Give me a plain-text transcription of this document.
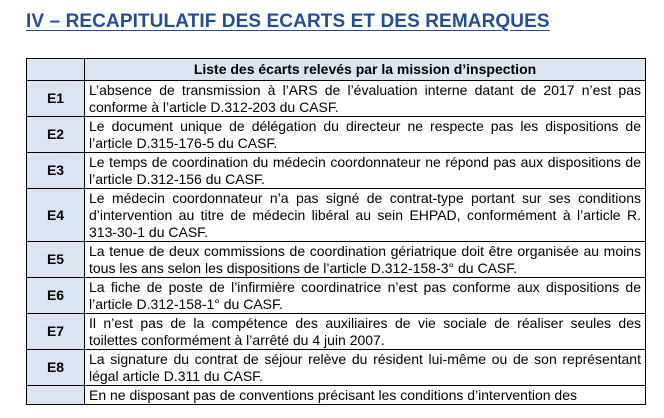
IV – RECAPITULATIF DES ECARTS ET DES REMARQUES
	Liste des écarts relevés par la mission d’inspection
E1	L’absence de transmission à l’ARS de l’évaluation interne datant de 2017 n’est pas conforme à l’article D.312-203 du CASF.
E2	Le document unique de délégation du directeur ne respecte pas les dispositions de l’article D.315-176-5 du CASF.
E3	Le temps de coordination du médecin coordonnateur ne répond pas aux dispositions de l’article D.312-156 du CASF.
E4	Le médecin coordonnateur n’a pas signé de contrat-type portant sur ses conditions d’intervention au titre de médecin libéral au sein EHPAD, conformément à l’article R. 313-30-1 du CASF.
E5	La tenue de deux commissions de coordination gériatrique doit être organisée au moins tous les ans selon les dispositions de l’article D.312-158-3° du CASF.
E6	La fiche de poste de l’infirmière coordinatrice n’est pas conforme aux dispositions de l’article D.312-158-1° du CASF.
E7	Il n’est pas de la compétence des auxiliaires de vie sociale de réaliser seules des toilettes conformément à l’arrêté du 4 juin 2007.
E8	La signature du contrat de séjour relève du résident lui-même ou de son représentant légal article D.311 du CASF.
	En ne disposant pas de conventions précisant les conditions d’intervention des
